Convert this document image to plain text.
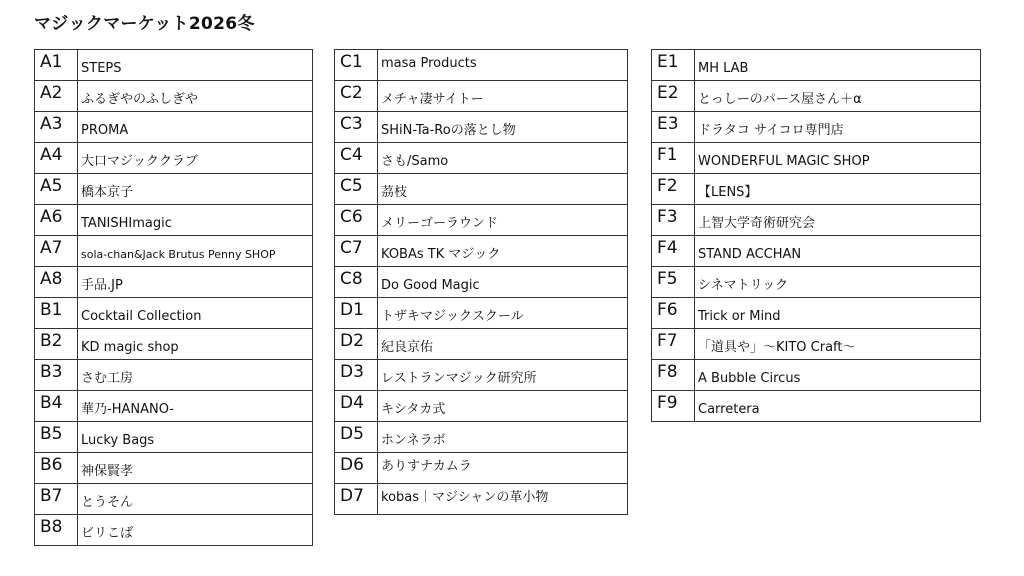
マジックマーケット2026冬
A1	STEPS
A2	ふるぎやのふしぎや
A3	PROMA
A4	大口マジッククラブ
A5	橋本京子
A6	TANISHImagic
A7	sola-chan&Jack Brutus Penny SHOP
A8	手品.JP
B1	Cocktail Collection
B2	KD magic shop
B3	さむ工房
B4	華乃-HANANO-
B5	Lucky Bags
B6	神保賢孝
B7	とうそん
B8	ビリこば
C1	masa Products
C2	メチャ凄サイトー
C3	SHiN-Ta-Roの落とし物
C4	さも/Samo
C5	茘枝
C6	メリーゴーラウンド
C7	KOBAs TK マジック
C8	Do Good Magic
D1	トザキマジックスクール
D2	紀良京佑
D3	レストランマジック研究所
D4	キシタカ式
D5	ホンネラボ
D6	ありすナカムラ
D7	kobas｜マジシャンの革小物
E1	MH LAB
E2	とっしーのパース屋さん＋α
E3	ドラタコ サイコロ専門店
F1	WONDERFUL MAGIC SHOP
F2	【LENS】
F3	上智大学奇術研究会
F4	STAND ACCHAN
F5	シネマトリック
F6	Trick or Mind
F7	「道具や」～KITO Craft～
F8	A Bubble Circus
F9	Carretera
